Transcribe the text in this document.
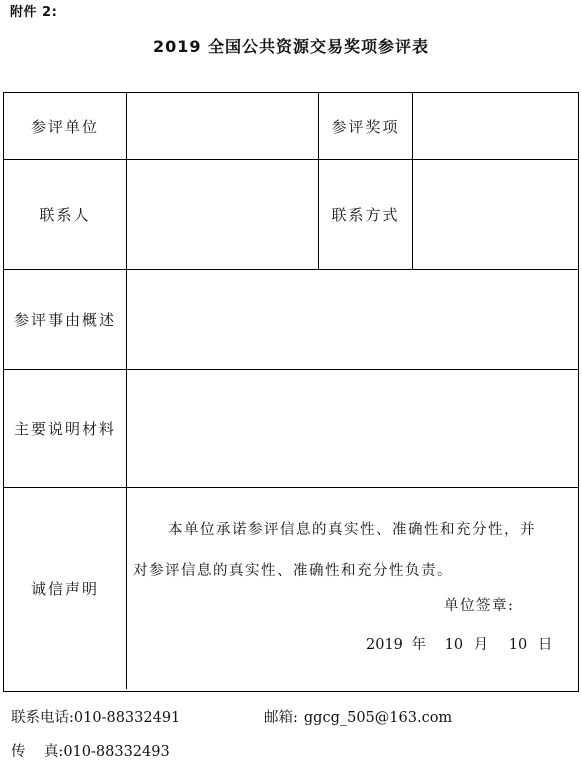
附件 2:
2019 全国公共资源交易奖项参评表
参评单位	参评奖项
联系人	联系方式
参评事由概述
主要说明材料
诚信声明
本单位承诺参评信息的真实性、准确性和充分性，并
对参评信息的真实性、准确性和充分性负责。
单位签章:
2019 年 10 月 10 日
联系电话:010-88332491	邮箱: ggcg_505@163.com
传    真:010-88332493
